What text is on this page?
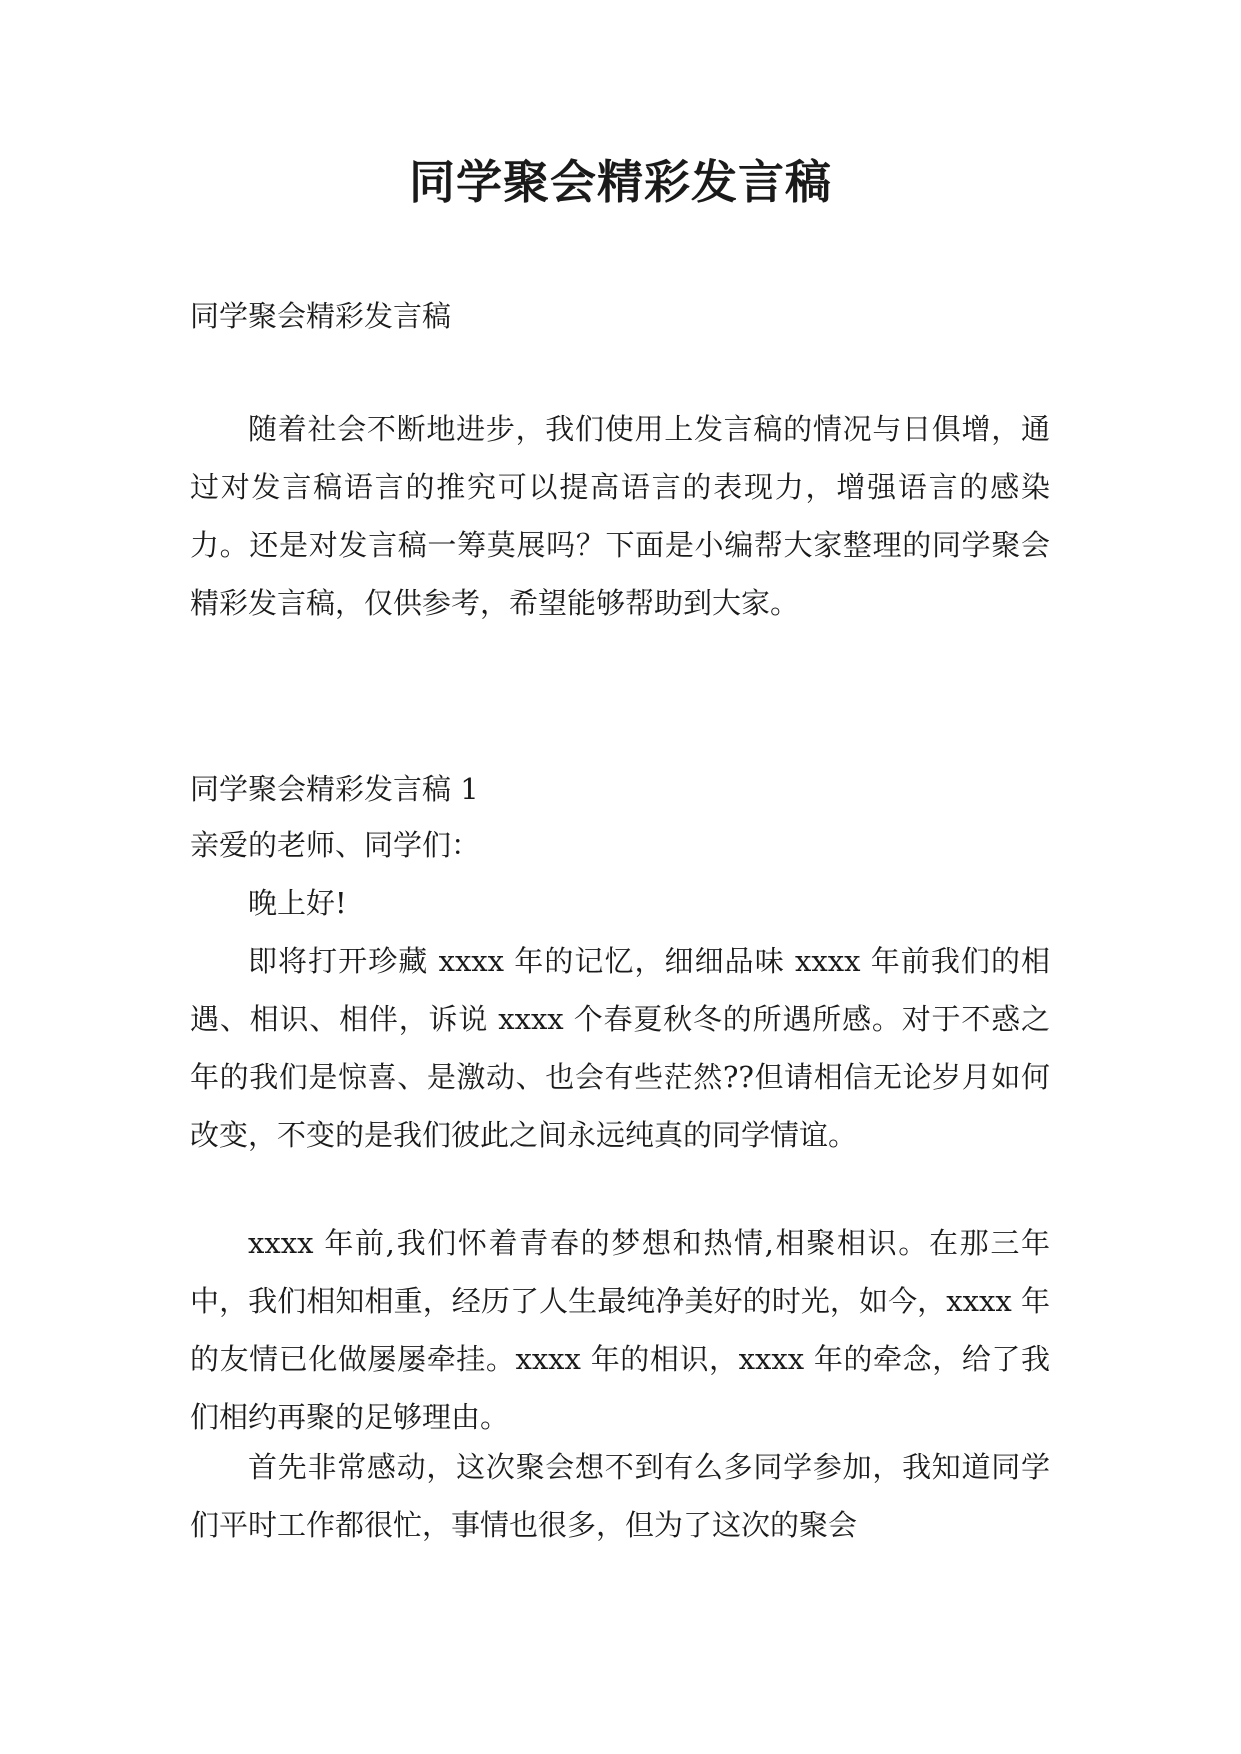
同学聚会精彩发言稿

同学聚会精彩发言稿

随着社会不断地进步，我们使用上发言稿的情况与日俱增，通过对发言稿语言的推究可以提高语言的表现力，增强语言的感染力。还是对发言稿一筹莫展吗？下面是小编帮大家整理的同学聚会精彩发言稿，仅供参考，希望能够帮助到大家。

同学聚会精彩发言稿 1

亲爱的老师、同学们：

晚上好!

即将打开珍藏 xxxx 年的记忆，细细品味 xxxx 年前我们的相遇、相识、相伴，诉说 xxxx 个春夏秋冬的所遇所感。对于不惑之年的我们是惊喜、是激动、也会有些茫然??但请相信无论岁月如何改变，不变的是我们彼此之间永远纯真的同学情谊。

xxxx 年前,我们怀着青春的梦想和热情,相聚相识。在那三年中，我们相知相重，经历了人生最纯净美好的时光，如今，xxxx 年的友情已化做屡屡牵挂。xxxx 年的相识，xxxx 年的牵念，给了我们相约再聚的足够理由。

首先非常感动，这次聚会想不到有么多同学参加，我知道同学们平时工作都很忙，事情也很多，但为了这次的聚会
